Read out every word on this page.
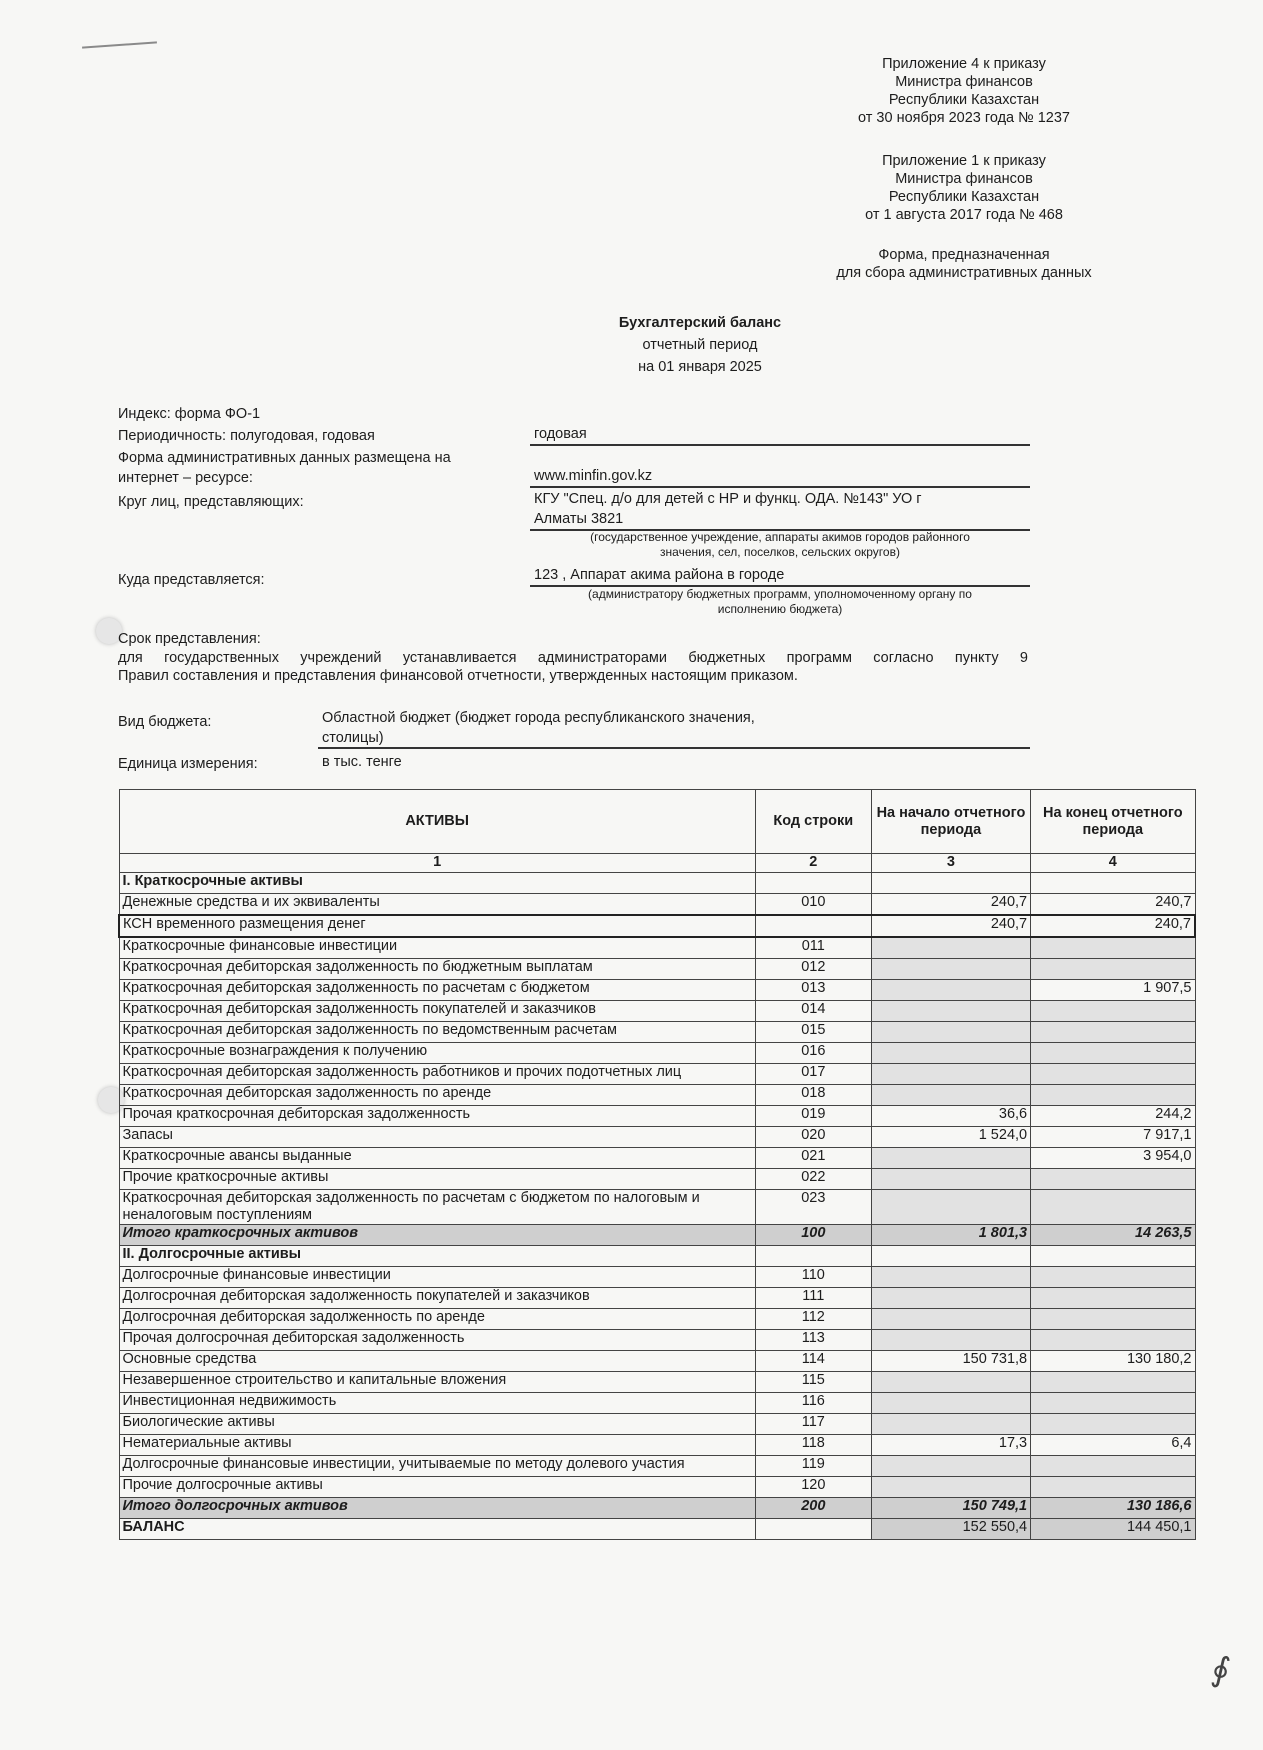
Приложение 4 к приказу
Министра финансов
Республики Казахстан
от 30 ноября 2023 года № 1237
Приложение 1 к приказу
Министра финансов
Республики Казахстан
от 1 августа 2017 года № 468
Форма, предназначенная
для сбора административных данных
Бухгалтерский баланс
отчетный период
на 01 января 2025
Индекс: форма ФО-1
Периодичность: полугодовая, годовая	годовая
Форма административных данных размещена на
интернет – ресурсе:	www.minfin.gov.kz
Круг лиц, представляющих:	КГУ "Спец. д/о для детей с НР и функц. ОДА. №143" УО г
Алматы 3821
(государственное учреждение, аппараты акимов городов районного
значения, сел, поселков, сельских округов)
Куда представляется:	123 , Аппарат акима района в городе
(администратору бюджетных программ, уполномоченному органу по
исполнению бюджета)
Срок представления:
для государственных учреждений устанавливается администраторами бюджетных программ согласно пункту 9
Правил составления и представления финансовой отчетности, утвержденных настоящим приказом.
Вид бюджета:	Областной бюджет (бюджет города республиканского значения,
столицы)
Единица измерения:	в тыс. тенге
АКТИВЫ	Код строки	На начало отчетного периода	На конец отчетного периода
1	2	3	4
I. Краткосрочные активы			
Денежные средства и их эквиваленты	010	240,7	240,7
КСН временного размещения денег		240,7	240,7
Краткосрочные финансовые инвестиции	011		
Краткосрочная дебиторская задолженность по бюджетным выплатам	012		
Краткосрочная дебиторская задолженность по расчетам с бюджетом	013		1 907,5
Краткосрочная дебиторская задолженность покупателей и заказчиков	014		
Краткосрочная дебиторская задолженность по ведомственным расчетам	015		
Краткосрочные вознаграждения к получению	016		
Краткосрочная дебиторская задолженность работников и прочих подотчетных лиц	017		
Краткосрочная дебиторская задолженность по аренде	018		
Прочая краткосрочная дебиторская задолженность	019	36,6	244,2
Запасы	020	1 524,0	7 917,1
Краткосрочные авансы выданные	021		3 954,0
Прочие краткосрочные активы	022		
Краткосрочная дебиторская задолженность по расчетам с бюджетом по налоговым и неналоговым поступлениям	023		
Итого краткосрочных активов	100	1 801,3	14 263,5
II. Долгосрочные активы			
Долгосрочные финансовые инвестиции	110		
Долгосрочная дебиторская задолженность покупателей и заказчиков	111		
Долгосрочная дебиторская задолженность по аренде	112		
Прочая долгосрочная дебиторская задолженность	113		
Основные средства	114	150 731,8	130 180,2
Незавершенное строительство и капитальные вложения	115		
Инвестиционная недвижимость	116		
Биологические активы	117		
Нематериальные активы	118	17,3	6,4
Долгосрочные финансовые инвестиции, учитываемые по методу долевого участия	119		
Прочие долгосрочные активы	120		
Итого долгосрочных активов	200	150 749,1	130 186,6
БАЛАНС		152 550,4	144 450,1
∮
